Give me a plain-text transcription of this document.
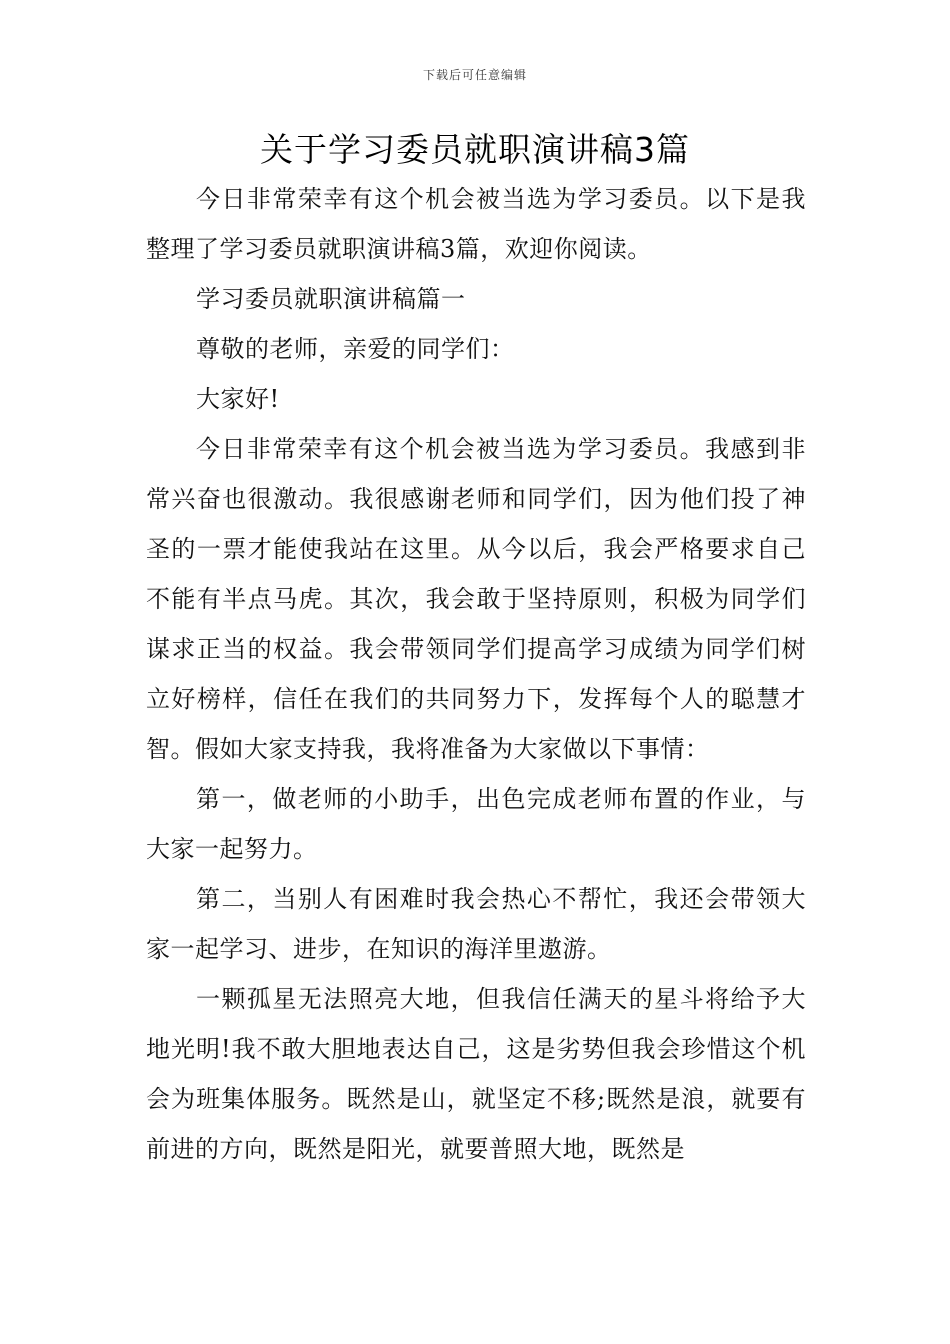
下载后可任意编辑
关于学习委员就职演讲稿3篇

今日非常荣幸有这个机会被当选为学习委员。以下是我整理了学习委员就职演讲稿3篇，欢迎你阅读。

学习委员就职演讲稿篇一

尊敬的老师，亲爱的同学们：

大家好!

今日非常荣幸有这个机会被当选为学习委员。我感到非常兴奋也很激动。我很感谢老师和同学们，因为他们投了神圣的一票才能使我站在这里。从今以后，我会严格要求自己不能有半点马虎。其次，我会敢于坚持原则，积极为同学们谋求正当的权益。我会带领同学们提高学习成绩为同学们树立好榜样，信任在我们的共同努力下，发挥每个人的聪慧才智。假如大家支持我，我将准备为大家做以下事情：

第一，做老师的小助手，出色完成老师布置的作业，与大家一起努力。

第二，当别人有困难时我会热心不帮忙，我还会带领大家一起学习、进步，在知识的海洋里遨游。

一颗孤星无法照亮大地，但我信任满天的星斗将给予大地光明!我不敢大胆地表达自己，这是劣势但我会珍惜这个机会为班集体服务。既然是山，就坚定不移;既然是浪，就要有前进的方向，既然是阳光，就要普照大地，既然是
